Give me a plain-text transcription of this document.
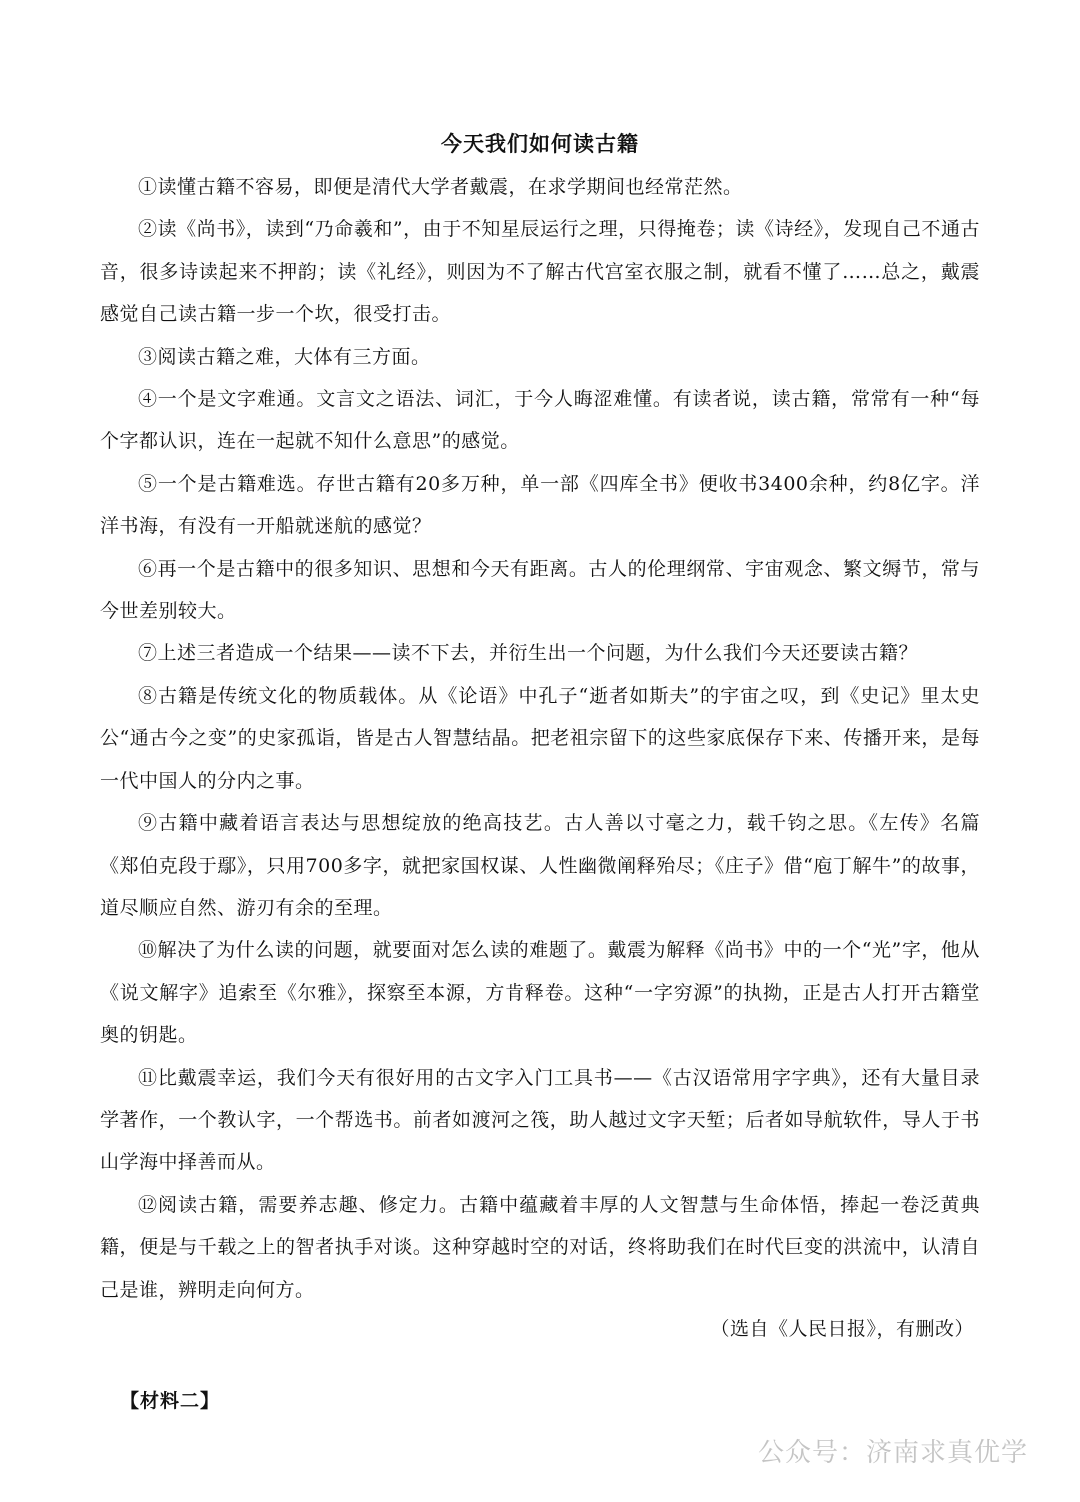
今天我们如何读古籍

①读懂古籍不容易，即便是清代大学者戴震，在求学期间也经常茫然。

②读《尚书》，读到“乃命羲和”，由于不知星辰运行之理，只得掩卷；读《诗经》，发现自己不通古音，很多诗读起来不押韵；读《礼经》，则因为不了解古代宫室衣服之制，就看不懂了……总之，戴震感觉自己读古籍一步一个坎，很受打击。

③阅读古籍之难，大体有三方面。

④一个是文字难通。文言文之语法、词汇，于今人晦涩难懂。有读者说，读古籍，常常有一种“每个字都认识，连在一起就不知什么意思”的感觉。

⑤一个是古籍难选。存世古籍有20多万种，单一部《四库全书》便收书3400余种，约8亿字。洋洋书海，有没有一开船就迷航的感觉？

⑥再一个是古籍中的很多知识、思想和今天有距离。古人的伦理纲常、宇宙观念、繁文缛节，常与今世差别较大。

⑦上述三者造成一个结果——读不下去，并衍生出一个问题，为什么我们今天还要读古籍？

⑧古籍是传统文化的物质载体。从《论语》中孔子“逝者如斯夫”的宇宙之叹，到《史记》里太史公“通古今之变”的史家孤诣，皆是古人智慧结晶。把老祖宗留下的这些家底保存下来、传播开来，是每一代中国人的分内之事。

⑨古籍中藏着语言表达与思想绽放的绝高技艺。古人善以寸毫之力，载千钧之思。《左传》名篇《郑伯克段于鄢》，只用700多字，就把家国权谋、人性幽微阐释殆尽；《庄子》借“庖丁解牛”的故事，道尽顺应自然、游刃有余的至理。

⑩解决了为什么读的问题，就要面对怎么读的难题了。戴震为解释《尚书》中的一个“光”字，他从《说文解字》追索至《尔雅》，探察至本源，方肯释卷。这种“一字穷源”的执拗，正是古人打开古籍堂奥的钥匙。

⑪比戴震幸运，我们今天有很好用的古文字入门工具书——《古汉语常用字字典》，还有大量目录学著作，一个教认字，一个帮选书。前者如渡河之筏，助人越过文字天堑；后者如导航软件，导人于书山学海中择善而从。

⑫阅读古籍，需要养志趣、修定力。古籍中蕴藏着丰厚的人文智慧与生命体悟，捧起一卷泛黄典籍，便是与千载之上的智者执手对谈。这种穿越时空的对话，终将助我们在时代巨变的洪流中，认清自己是谁，辨明走向何方。

（选自《人民日报》，有删改）
【材料二】
公众号：济南求真优学
